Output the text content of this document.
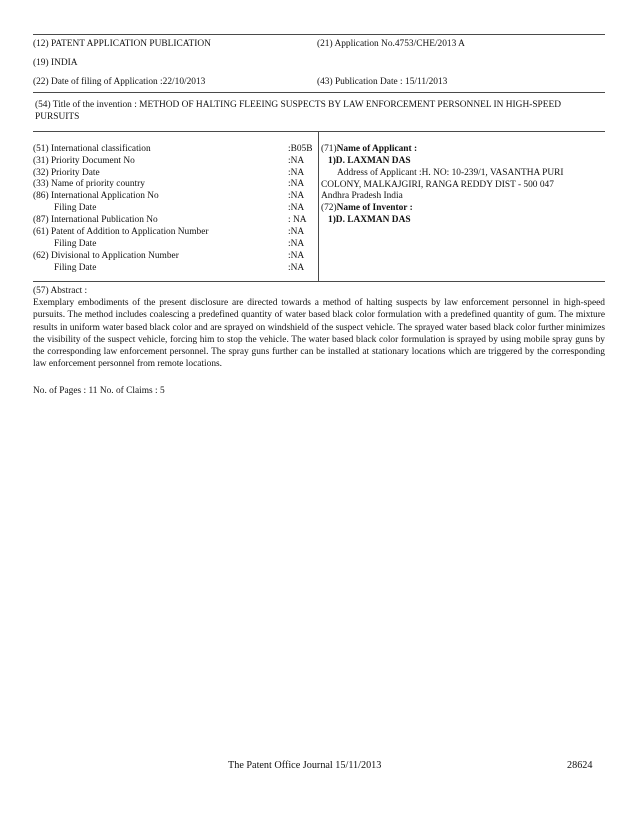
(12) PATENT APPLICATION PUBLICATION	(21) Application No.4753/CHE/2013 A
(19) INDIA
(22) Date of filing of Application :22/10/2013	(43) Publication Date : 15/11/2013
(54) Title of the invention : METHOD OF HALTING FLEEING SUSPECTS BY LAW ENFORCEMENT PERSONNEL IN HIGH-SPEED PURSUITS
(51) International classification	:B05B
(31) Priority Document No	:NA
(32) Priority Date	:NA
(33) Name of priority country	:NA
(86) International Application No	:NA
Filing Date	:NA
(87) International Publication No	: NA
(61) Patent of Addition to Application Number	:NA
Filing Date	:NA
(62) Divisional to Application Number	:NA
Filing Date	:NA
(71)Name of Applicant :
1)D. LAXMAN DAS
Address of Applicant :H. NO: 10-239/1, VASANTHA PURI
COLONY, MALKAJGIRI, RANGA REDDY DIST - 500 047
Andhra Pradesh India
(72)Name of Inventor :
1)D. LAXMAN DAS
(57) Abstract :
Exemplary embodiments of the present disclosure are directed towards a method of halting suspects by law enforcement personnel in high-speed pursuits. The method includes coalescing a predefined quantity of water based black color formulation with a predefined quantity of gum. The mixture results in uniform water based black color and are sprayed on windshield of the suspect vehicle. The sprayed water based black color further minimizes the visibility of the suspect vehicle, forcing him to stop the vehicle. The water based black color formulation is sprayed by using mobile spray guns by the corresponding law enforcement personnel. The spray guns further can be installed at stationary locations which are triggered by the corresponding law enforcement personnel from remote locations.
No. of Pages : 11 No. of Claims : 5
The Patent Office Journal 15/11/2013	28624
